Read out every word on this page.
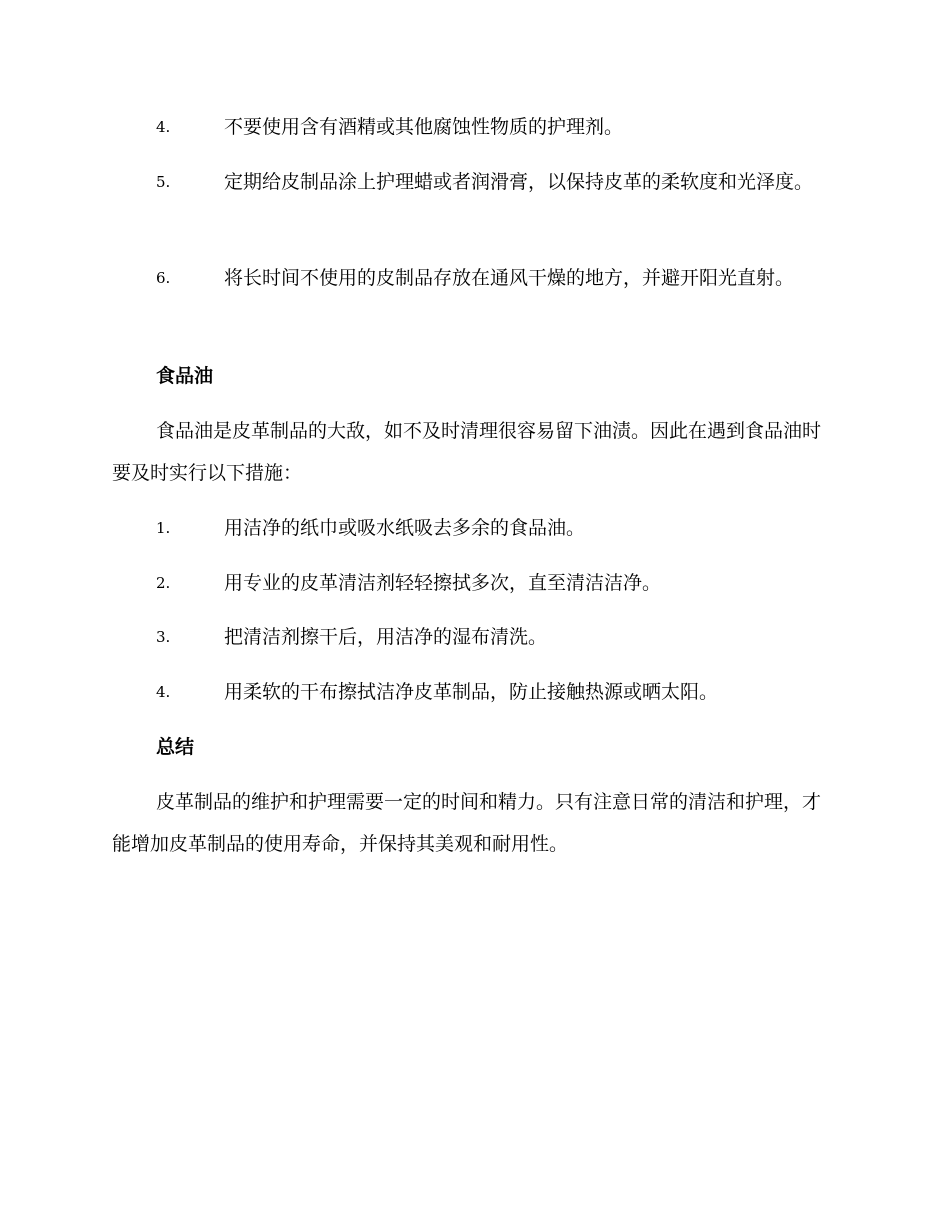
4.	不要使用含有酒精或其他腐蚀性物质的护理剂。
5.	定期给皮制品涂上护理蜡或者润滑膏，以保持皮革的柔软度和光泽度。
6.	将长时间不使用的皮制品存放在通风干燥的地方，并避开阳光直射。
食品油
食品油是皮革制品的大敌，如不及时清理很容易留下油渍。因此在遇到食品油时要及时实行以下措施：
1.	用洁净的纸巾或吸水纸吸去多余的食品油。
2.	用专业的皮革清洁剂轻轻擦拭多次，直至清洁洁净。
3.	把清洁剂擦干后，用洁净的湿布清洗。
4.	用柔软的干布擦拭洁净皮革制品，防止接触热源或晒太阳。
总结
皮革制品的维护和护理需要一定的时间和精力。只有注意日常的清洁和护理，才能增加皮革制品的使用寿命，并保持其美观和耐用性。
